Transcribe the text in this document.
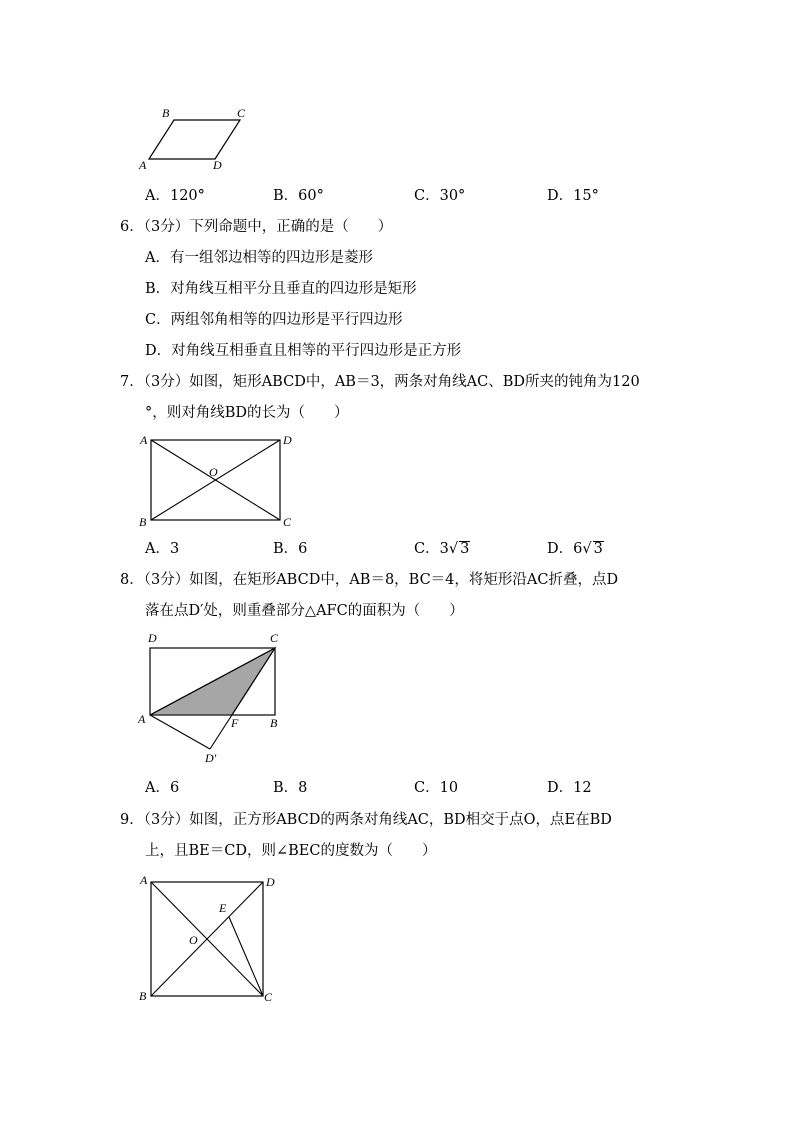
B	C
A	D
A．120°	B．60°	C．30°	D．15°
6．（3分）下列命题中，正确的是（　　）
A．有一组邻边相等的四边形是菱形
B．对角线互相平分且垂直的四边形是矩形
C．两组邻角相等的四边形是平行四边形
D．对角线互相垂直且相等的平行四边形是正方形
7．（3分）如图，矩形ABCD中，AB＝3，两条对角线AC、BD所夹的钝角为120
°，则对角线BD的长为（　　）
A	D
O
B	C
A．3	B．6	C．3√ 3	D．6√ 3
8．（3分）如图，在矩形ABCD中，AB＝8，BC＝4，将矩形沿AC折叠，点D
落在点D′处，则重叠部分△AFC的面积为（　　）
D	C
A	F	B
D′
A．6	B．8	C．10	D．12
9．（3分）如图，正方形ABCD的两条对角线AC，BD相交于点O，点E在BD
上，且BE＝CD，则∠BEC的度数为（　　）
A	D
E
O
B	C
